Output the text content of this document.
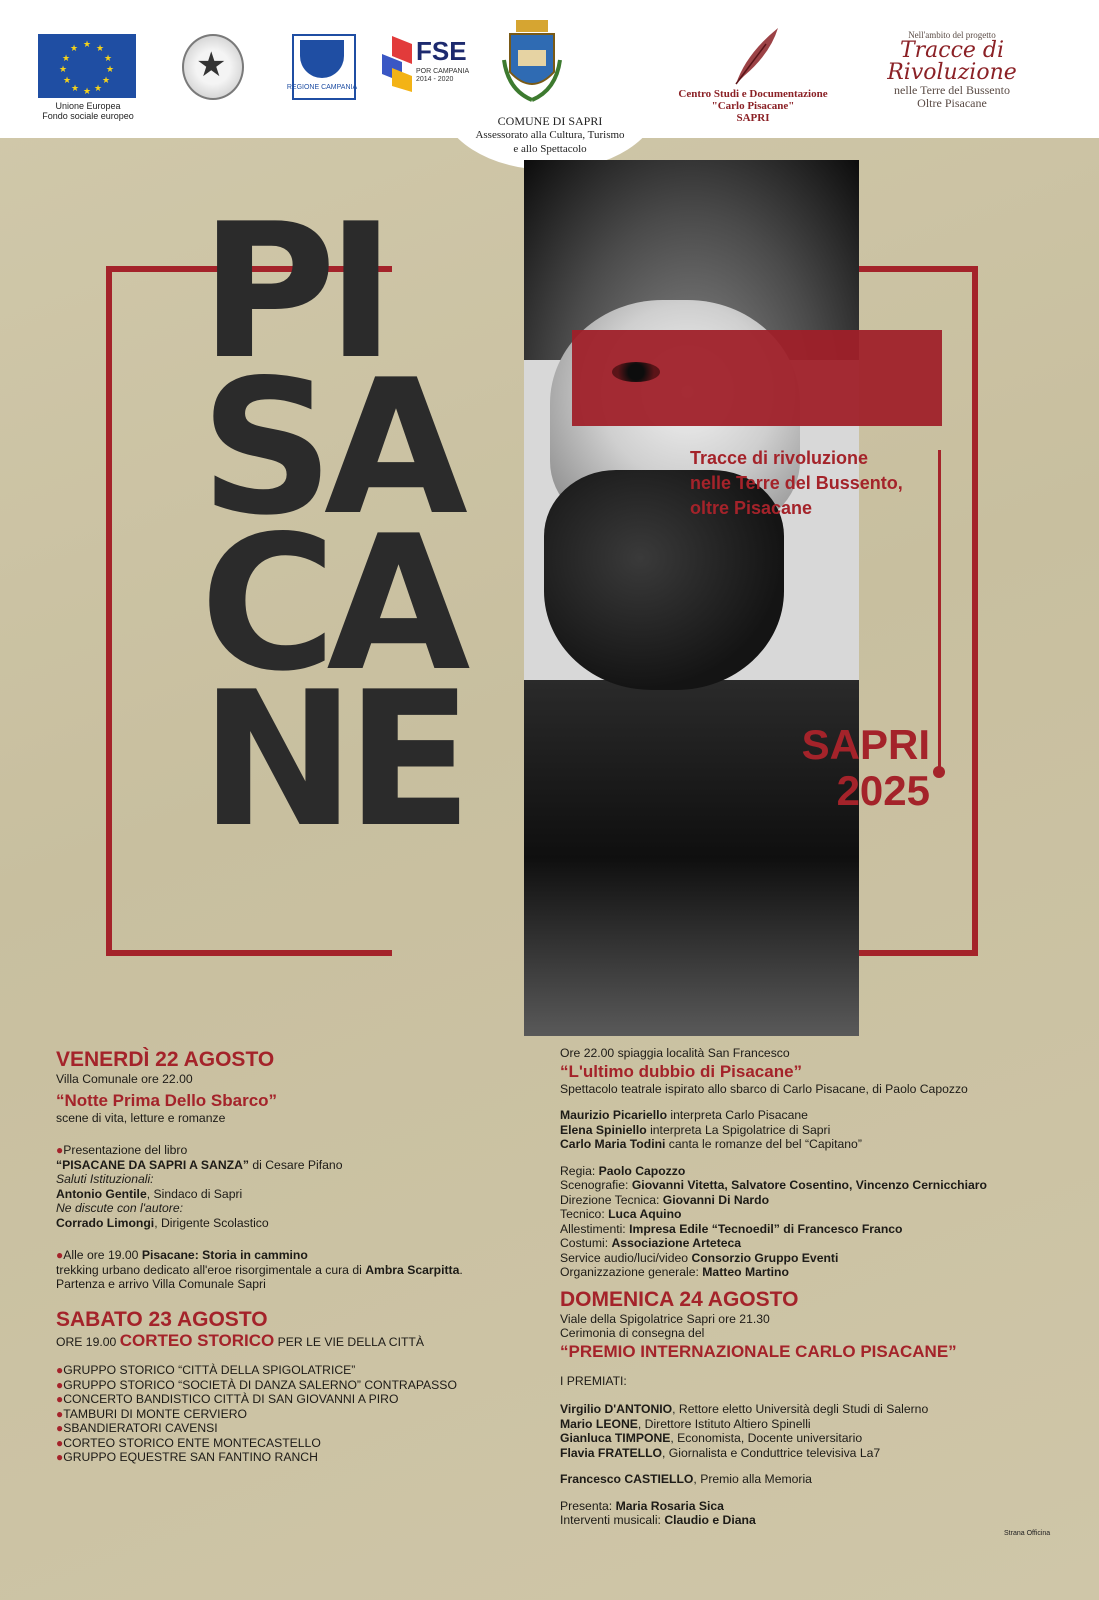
★ ★
★
★
★
★
★
★
★
★
★
★
Unione Europea
Fondo sociale europeo
★
REGIONE CAMPANIA
FSE
POR CAMPANIA
2014 - 2020
COMUNE DI SAPRI
Assessorato alla Cultura, Turismo
e allo Spettacolo
Centro Studi e Documentazione
"Carlo Pisacane"
SAPRI
Nell'ambito del progetto
Tracce di
Rivoluzione
nelle Terre del Bussento
Oltre Pisacane
PI
SA
CA
NE
Tracce di rivoluzione
nelle Terre del Bussento,
oltre Pisacane
SAPRI
2025
VENERDÌ 22 AGOSTO
Villa Comunale ore 22.00
“Notte Prima Dello Sbarco”
scene di vita, letture e romanze
●Presentazione del libro
“PISACANE DA SAPRI A SANZA” di Cesare Pifano
Saluti Istituzionali:
Antonio Gentile, Sindaco di Sapri
Ne discute con l'autore:
Corrado Limongi, Dirigente Scolastico
●Alle ore 19.00 Pisacane: Storia in cammino
trekking urbano dedicato all'eroe risorgimentale a cura di Ambra Scarpitta.
Partenza e arrivo Villa Comunale Sapri
SABATO 23 AGOSTO
ORE 19.00 CORTEO STORICO PER LE VIE DELLA CITTÀ
●GRUPPO STORICO “CITTÀ DELLA SPIGOLATRICE”
●GRUPPO STORICO “SOCIETÀ DI DANZA SALERNO” CONTRAPASSO
●CONCERTO BANDISTICO CITTÀ DI SAN GIOVANNI A PIRO
●TAMBURI DI MONTE CERVIERO
●SBANDIERATORI CAVENSI
●CORTEO STORICO ENTE MONTECASTELLO
●GRUPPO EQUESTRE SAN FANTINO RANCH
Ore 22.00 spiaggia località San Francesco
“L'ultimo dubbio di Pisacane”
Spettacolo teatrale ispirato allo sbarco di Carlo Pisacane, di Paolo Capozzo
Maurizio Picariello interpreta Carlo Pisacane
Elena Spiniello interpreta La Spigolatrice di Sapri
Carlo Maria Todini canta le romanze del bel “Capitano”
Regia: Paolo Capozzo
Scenografie: Giovanni Vitetta, Salvatore Cosentino, Vincenzo Cernicchiaro
Direzione Tecnica: Giovanni Di Nardo
Tecnico: Luca Aquino
Allestimenti: Impresa Edile “Tecnoedil” di Francesco Franco
Costumi: Associazione Arteteca
Service audio/luci/video Consorzio Gruppo Eventi
Organizzazione generale: Matteo Martino
DOMENICA 24 AGOSTO
Viale della Spigolatrice Sapri ore 21.30
Cerimonia di consegna del
“PREMIO INTERNAZIONALE CARLO PISACANE”
I PREMIATI:
Virgilio D'ANTONIO, Rettore eletto Università degli Studi di Salerno
Mario LEONE, Direttore Istituto Altiero Spinelli
Gianluca TIMPONE, Economista, Docente universitario
Flavia FRATELLO, Giornalista e Conduttrice televisiva La7
Francesco CASTIELLO, Premio alla Memoria
Presenta: Maria Rosaria Sica
Interventi musicali: Claudio e Diana
Strana Officina
